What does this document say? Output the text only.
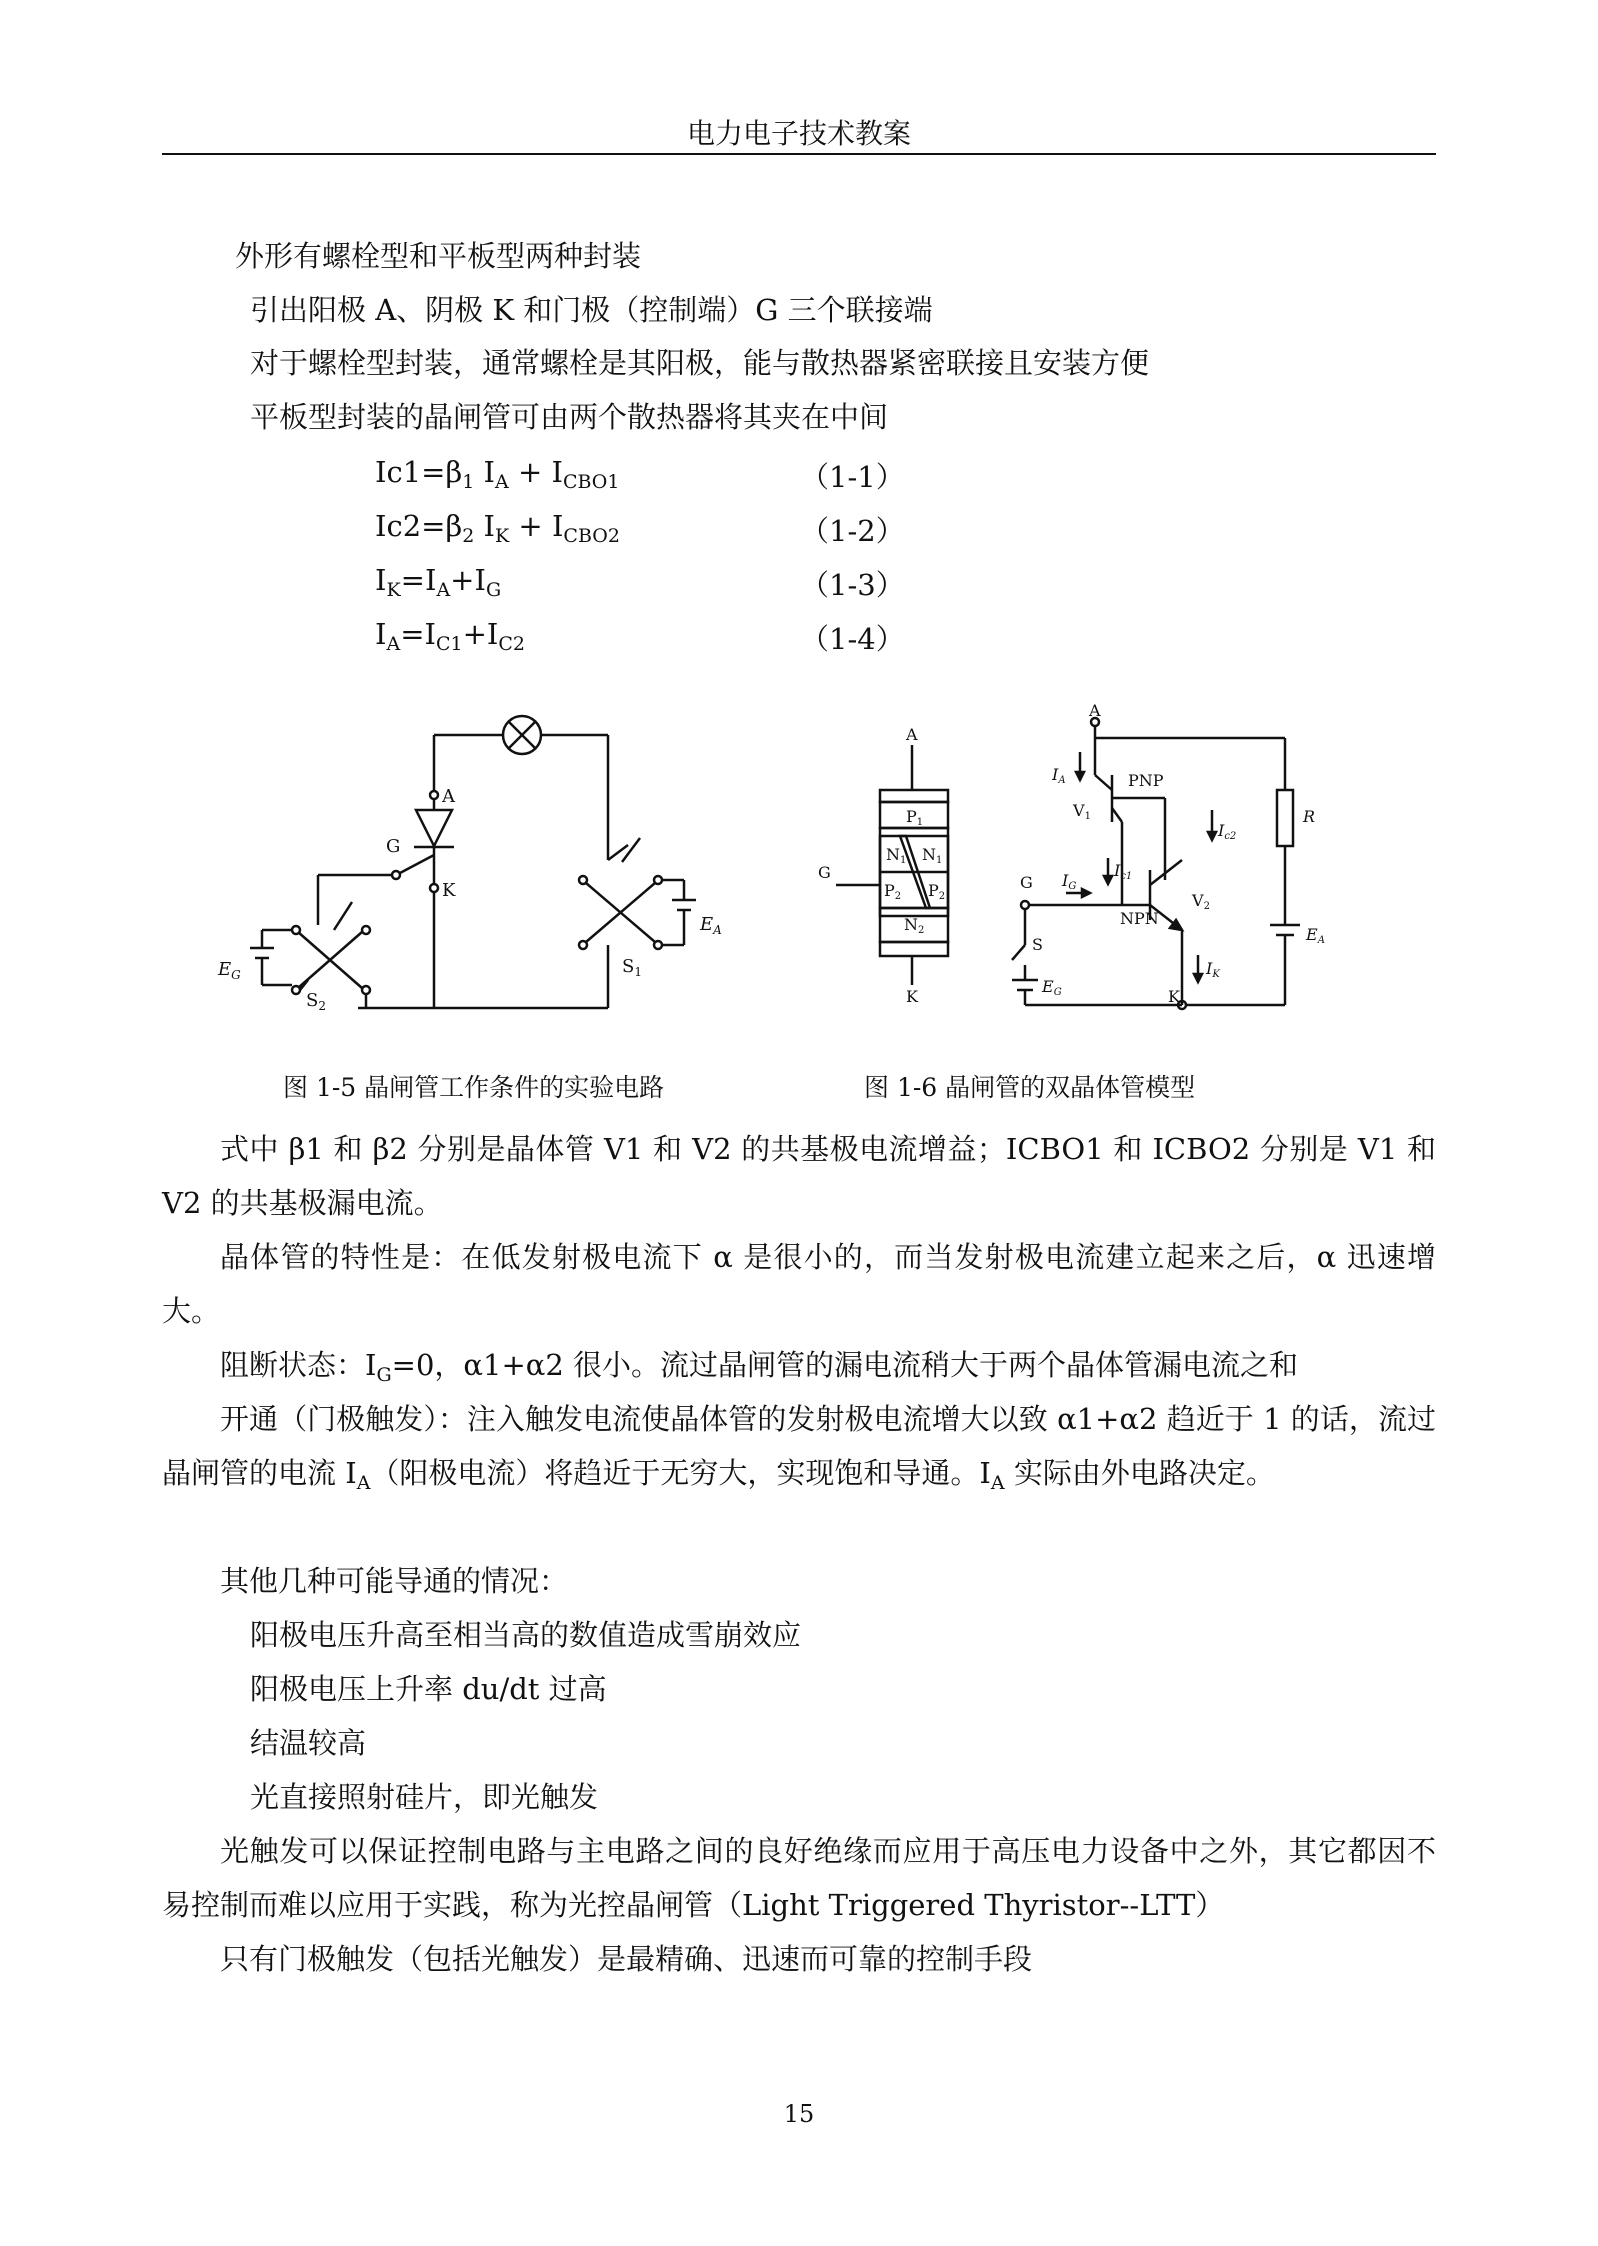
电力电子技术教案
外形有螺栓型和平板型两种封装
引出阳极 A、阴极 K 和门极（控制端）G 三个联接端
对于螺栓型封装，通常螺栓是其阳极，能与散热器紧密联接且安装方便
平板型封装的晶闸管可由两个散热器将其夹在中间
$Ic1=\beta_1$ $I_A + I_{CBO1}$	（1-1）
$Ic2=\beta_2$ $I_K + I_{CBO2}$	（1-2）
$I_K=I_A+I_G$	（1-3）
$I_A=I_{C1}+I_{C2}$	（1-4）
A
K
G
$E_G$
$E_A$
$S_1$
$S_2$
A
K
G
P1
N1 N1
P2 P2
N2
A
K
G
S
R
PNP
NPN
V1
V2
IA
IG
Ic1
Ic2
IK
EA
EG
图 1-5 晶闸管工作条件的实验电路	图 1-6 晶闸管的双晶体管模型
式中 β1 和 β2 分别是晶体管 V1 和 V2 的共基极电流增益；ICBO1 和 ICBO2 分别是 V1 和 V2 的共基极漏电流。
晶体管的特性是：在低发射极电流下 α 是很小的，而当发射极电流建立起来之后，α 迅速增大。
阻断状态：$I_G=0$，α1+α2 很小。流过晶闸管的漏电流稍大于两个晶体管漏电流之和
开通（门极触发）：注入触发电流使晶体管的发射极电流增大以致 α1+α2 趋近于 1 的话，流过晶闸管的电流 $I_A$（阳极电流）将趋近于无穷大，实现饱和导通。$I_A$ 实际由外电路决定。
其他几种可能导通的情况：
阳极电压升高至相当高的数值造成雪崩效应
阳极电压上升率 du/dt 过高
结温较高
光直接照射硅片，即光触发
光触发可以保证控制电路与主电路之间的良好绝缘而应用于高压电力设备中之外，其它都因不易控制而难以应用于实践，称为光控晶闸管（Light Triggered Thyristor--LTT）
只有门极触发（包括光触发）是最精确、迅速而可靠的控制手段
15
